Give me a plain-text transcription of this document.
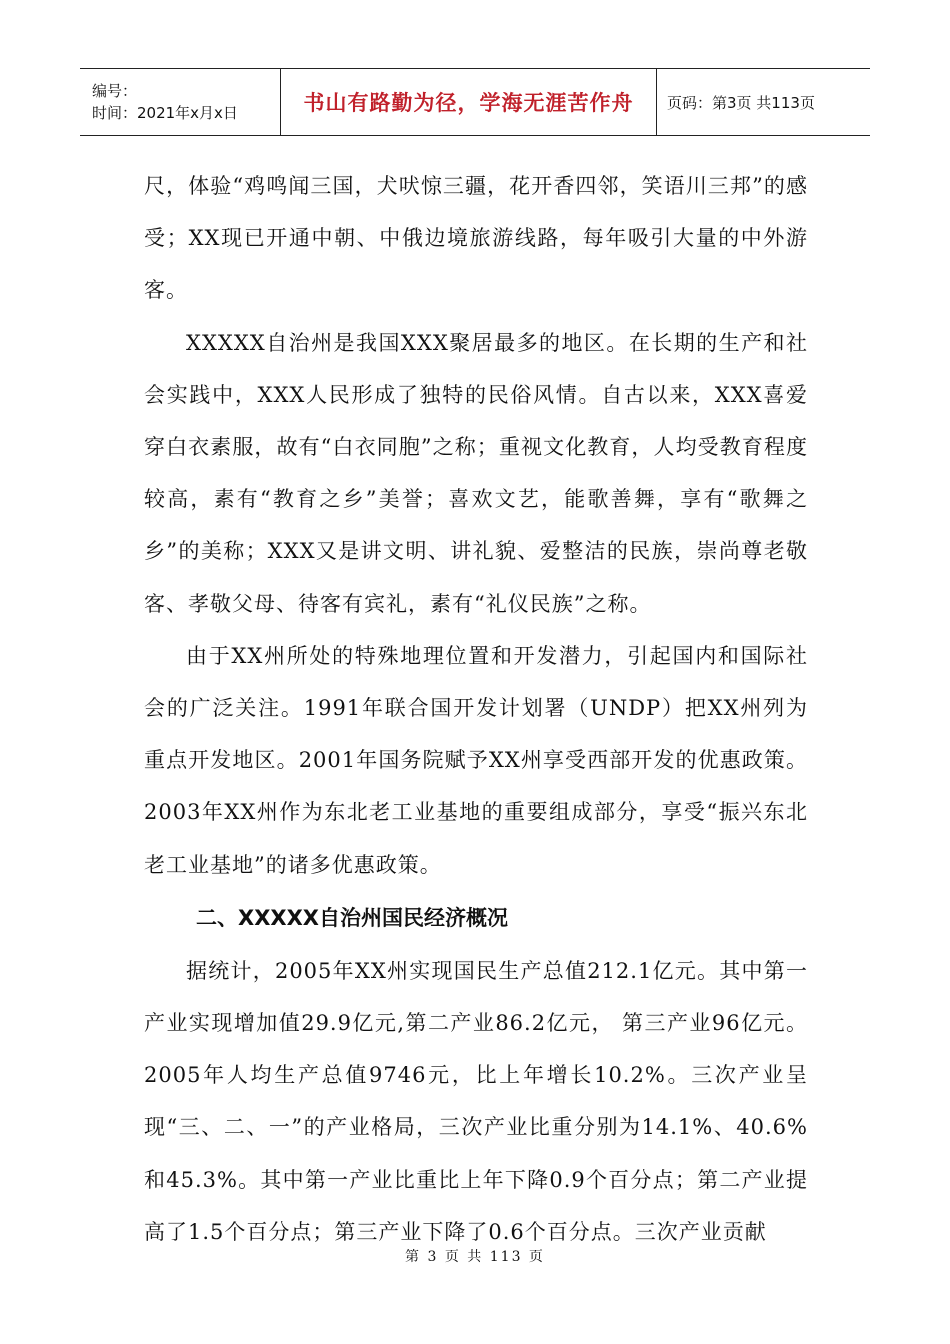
编号：
时间：2021年x月x日	书山有路勤为径，学海无涯苦作舟 页码：第3页 共113页

尺，体验“鸡鸣闻三国，犬吠惊三疆，花开香四邻，笑语川三邦”的感受；XX现已开通中朝、中俄边境旅游线路，每年吸引大量的中外游客。

XXXXX自治州是我国XXX聚居最多的地区。在长期的生产和社会实践中，XXX人民形成了独特的民俗风情。自古以来，XXX喜爱穿白衣素服，故有“白衣同胞”之称；重视文化教育，人均受教育程度较高，素有“教育之乡”美誉；喜欢文艺，能歌善舞，享有“歌舞之乡”的美称；XXX又是讲文明、讲礼貌、爱整洁的民族，崇尚尊老敬客、孝敬父母、待客有宾礼，素有“礼仪民族”之称。

由于XX州所处的特殊地理位置和开发潜力，引起国内和国际社会的广泛关注。1991年联合国开发计划署（UNDP）把XX州列为重点开发地区。2001年国务院赋予XX州享受西部开发的优惠政策。2003年XX州作为东北老工业基地的重要组成部分，享受“振兴东北老工业基地”的诸多优惠政策。

二、XXXXX自治州国民经济概况

据统计，2005年XX州实现国民生产总值212.1亿元。其中第一产业实现增加值29.9亿元,第二产业86.2亿元， 第三产业96亿元。2005年人均生产总值9746元，比上年增长10.2%。三次产业呈现“三、二、一”的产业格局，三次产业比重分别为14.1%、40.6%和45.3%。其中第一产业比重比上年下降0.9个百分点；第二产业提高了1.5个百分点；第三产业下降了0.6个百分点。三次产业贡献

第 3 页 共 113 页
